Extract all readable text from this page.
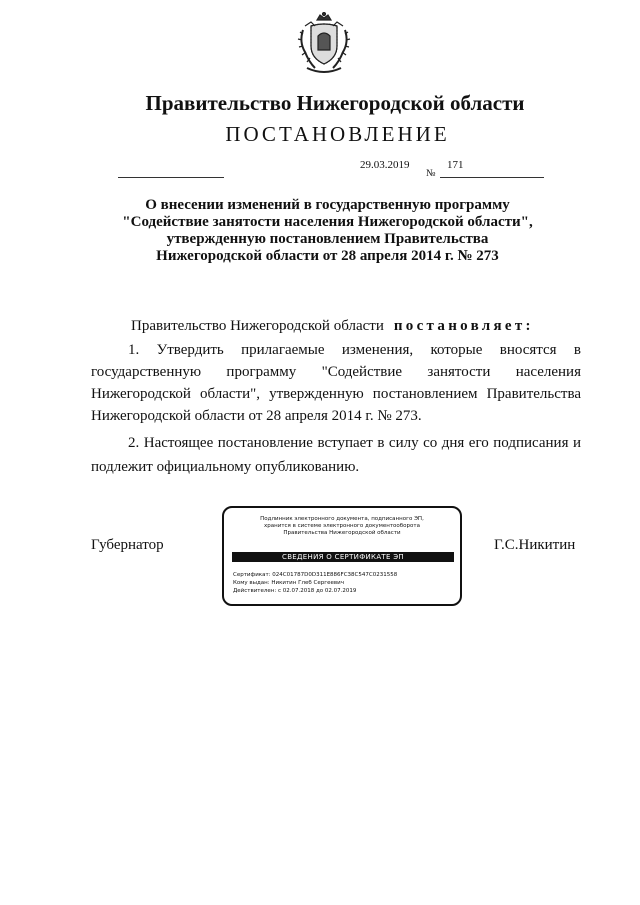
Правительство Нижегородской области
ПОСТАНОВЛЕНИЕ
29.03.2019
№
171
О внесении изменений в государственную программу
"Содействие занятости населения Нижегородской области",
утвержденную постановлением Правительства
Нижегородской области от 28 апреля 2014 г. № 273
Правительство Нижегородской области постановляет:
1. Утвердить прилагаемые изменения, которые вносятся в
государственную программу "Содействие занятости населения
Нижегородской области", утвержденную постановлением Правительства
Нижегородской области от 28 апреля 2014 г. № 273.
2. Настоящее постановление вступает в силу со дня его подписания и
подлежит официальному опубликованию.
Губернатор
Подлинник электронного документа, подписанного ЭП,
хранится в системе электронного документооборота
Правительства Нижегородской области
СВЕДЕНИЯ О СЕРТИФИКАТЕ ЭП
Сертификат: 024C01787D0D311E886FC38C547C0231558
Кому выдан: Никитин Глеб Сергеевич
Действителен: с 02.07.2018 до 02.07.2019
Г.С.Никитин
